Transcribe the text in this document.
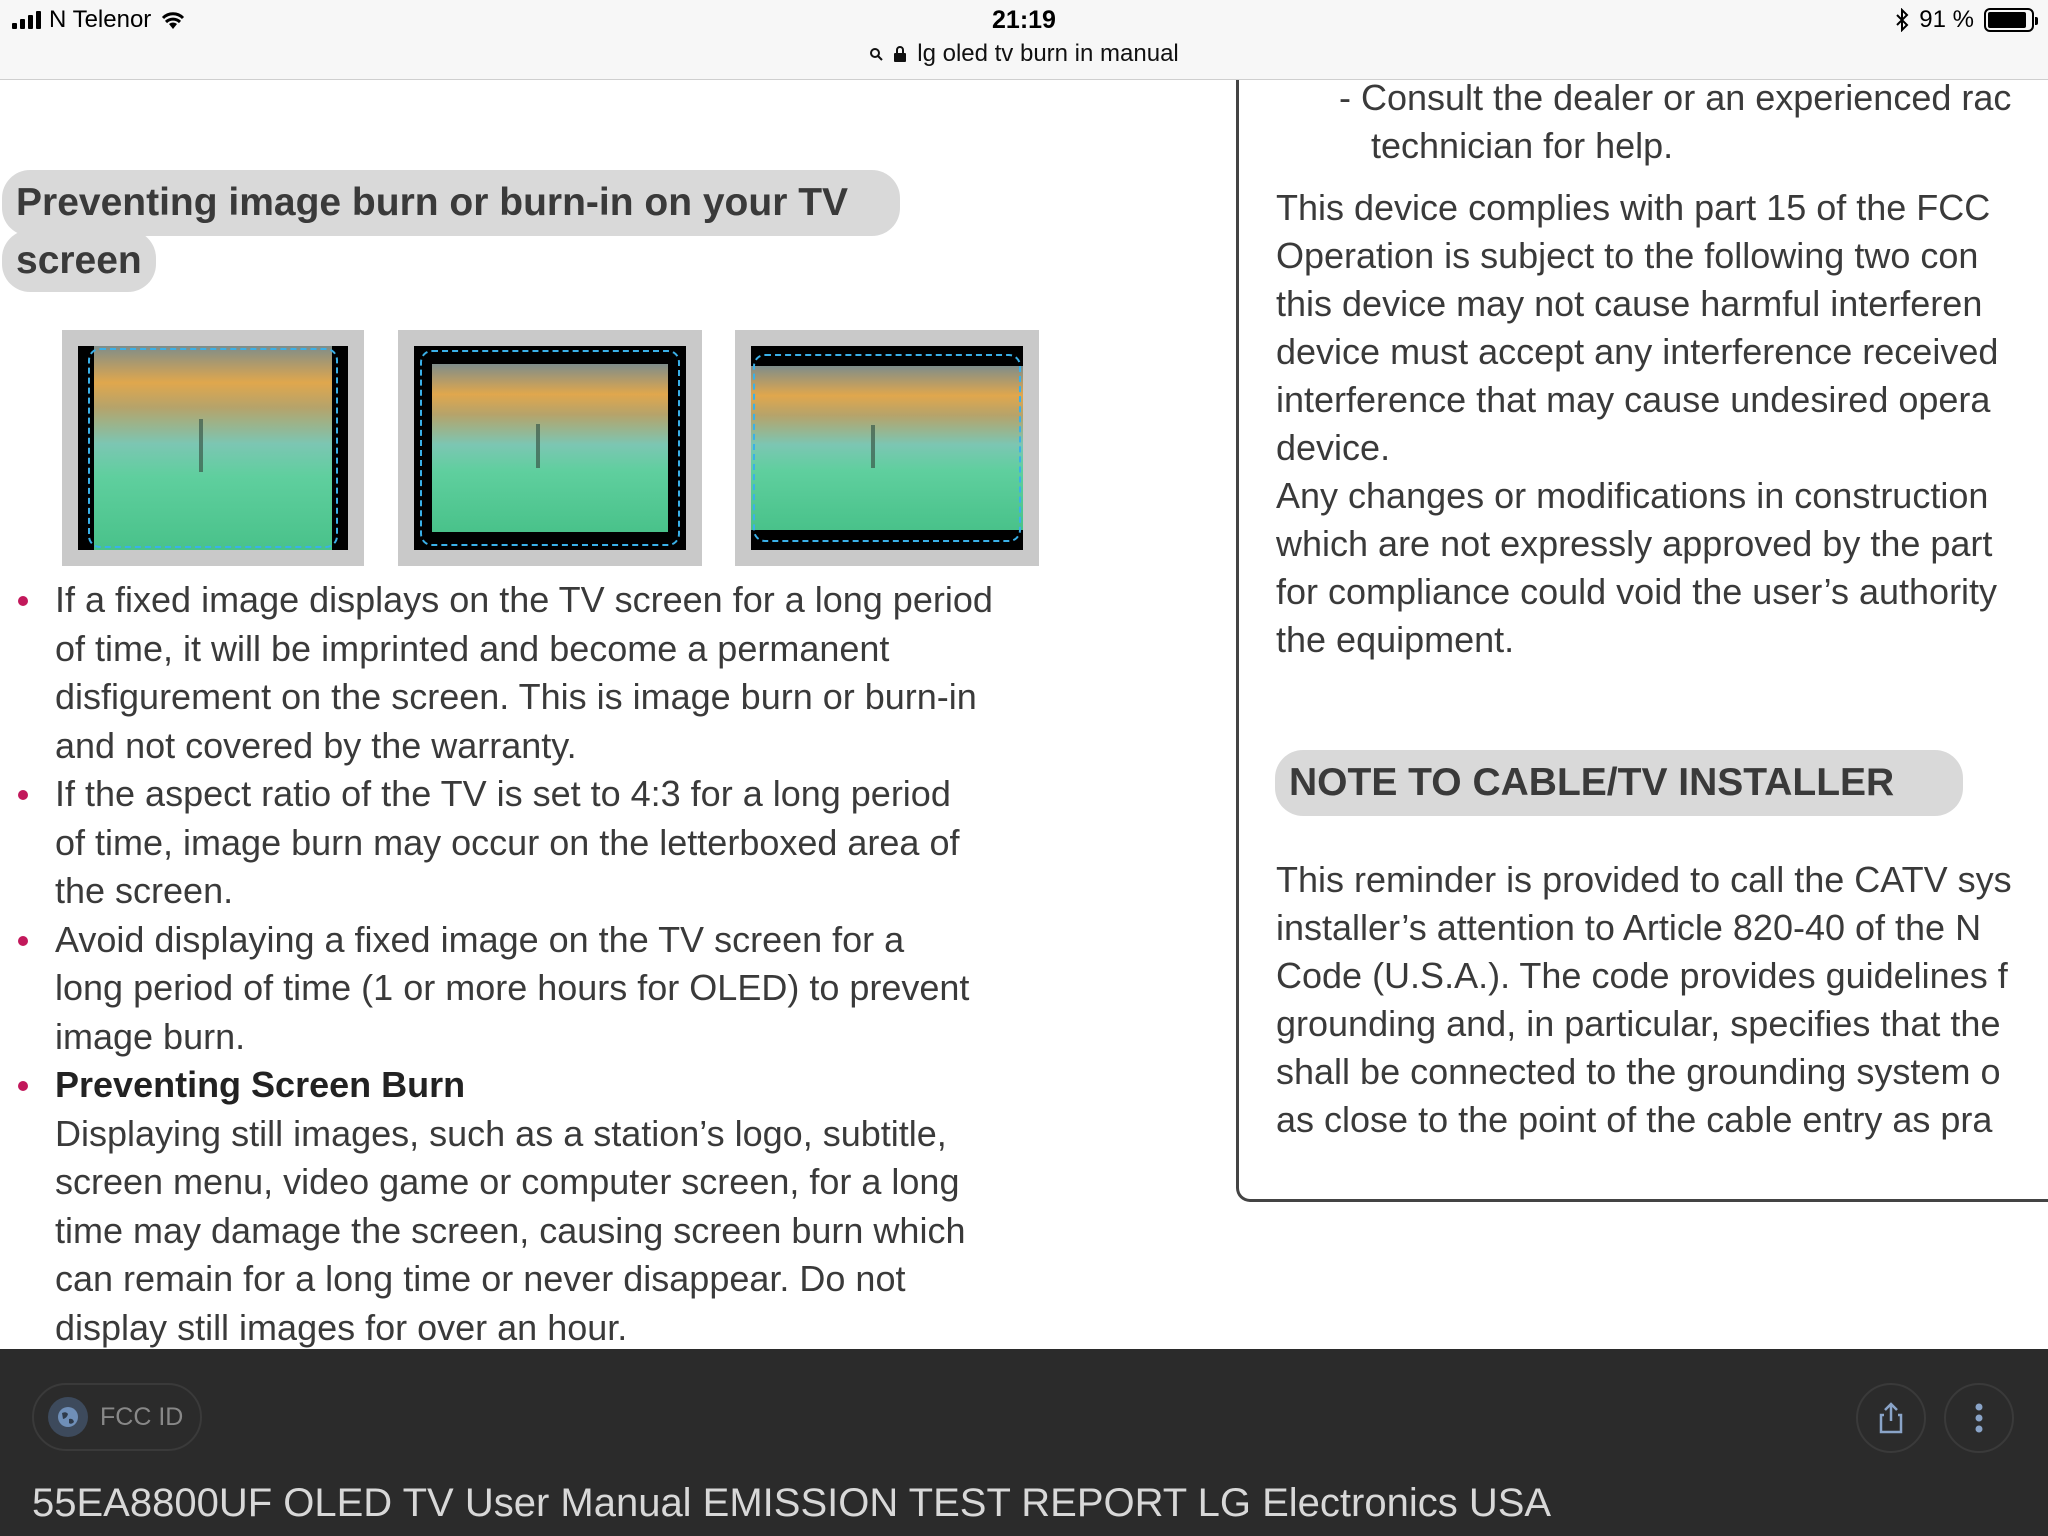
N Telenor	21:19	91 %
lg oled tv burn in manual
Preventing image burn or burn-in on your TV
screen
If a fixed image displays on the TV screen for a long period
of time, it will be imprinted and become a permanent
disfigurement on the screen. This is image burn or burn-in
and not covered by the warranty.
If the aspect ratio of the TV is set to 4:3 for a long period
of time, image burn may occur on the letterboxed area of
the screen.
Avoid displaying a fixed image on the TV screen for a
long period of time (1 or more hours for OLED) to prevent
image burn.
Preventing Screen Burn
Displaying still images, such as a station’s logo, subtitle,
screen menu, video game or computer screen, for a long
time may damage the screen, causing screen burn which
can remain for a long time or never disappear. Do not
display still images for over an hour.
- Consult the dealer or an experienced rac
technician for help.
This device complies with part 15 of the FCC
Operation is subject to the following two con
this device may not cause harmful interferen
device must accept any interference received
interference that may cause undesired opera
device.
Any changes or modifications in construction
which are not expressly approved by the part
for compliance could void the user’s authority
the equipment.
NOTE TO CABLE/TV INSTALLER
This reminder is provided to call the CATV sys
installer’s attention to Article 820-40 of the N
Code (U.S.A.). The code provides guidelines f
grounding and, in particular, specifies that the
shall be connected to the grounding system o
as close to the point of the cable entry as pra
FCC ID
55EA8800UF OLED TV User Manual EMISSION TEST REPORT LG Electronics USA
